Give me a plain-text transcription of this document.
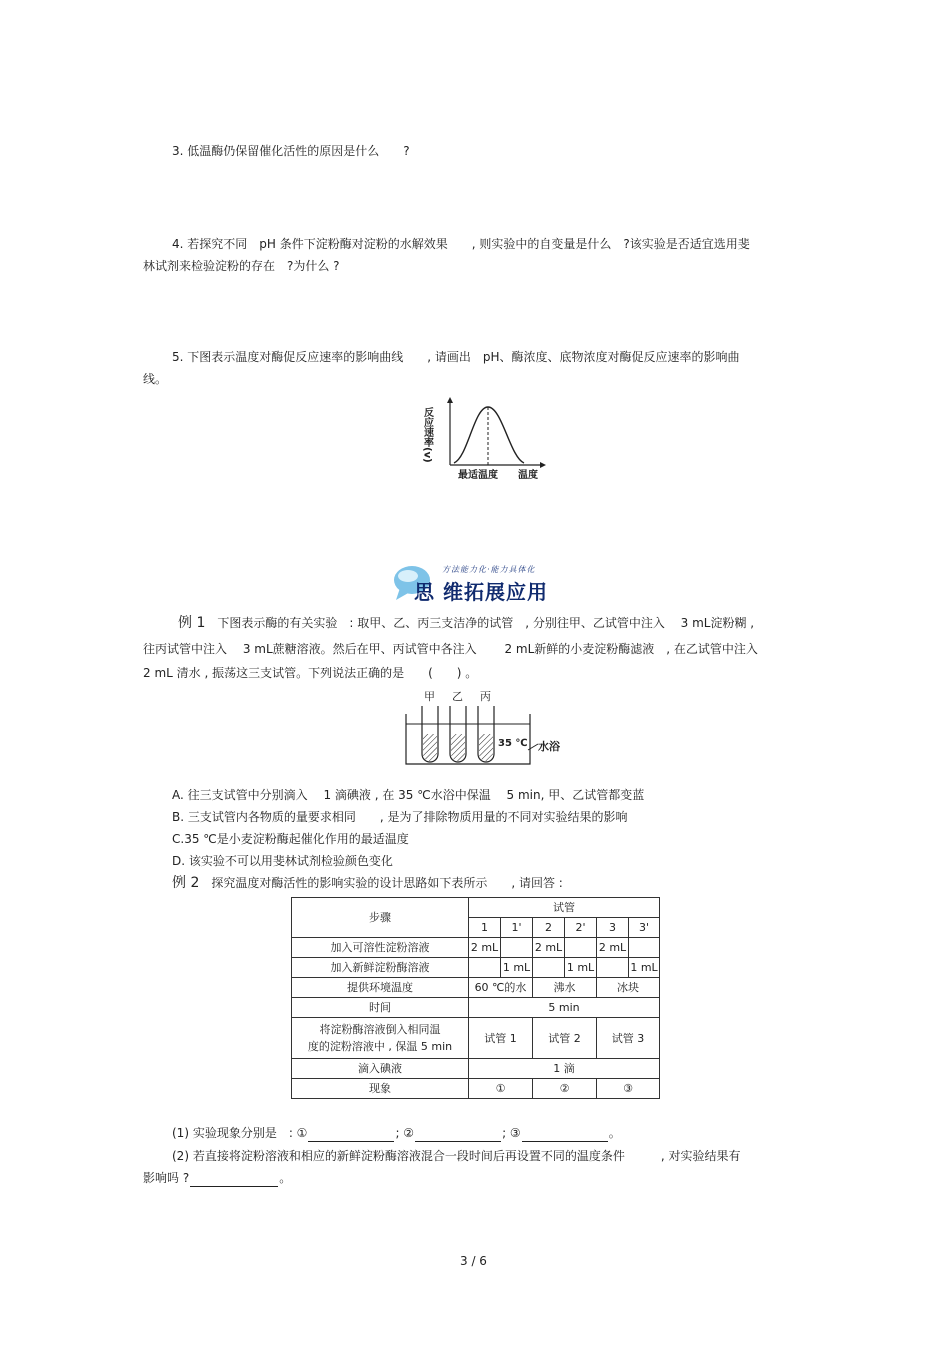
3. 低温酶仍保留催化活性的原因是什么　　?
4. 若探究不同　pH 条件下淀粉酶对淀粉的水解效果　　, 则实验中的自变量是什么　?该实验是否适宜选用斐
林试剂来检验淀粉的存在　?为什么 ?
5. 下图表示温度对酶促反应速率的影响曲线　　, 请画出　pH、酶浓度、底物浓度对酶促反应速率的影响曲
线。
反应速率(v)
最适温度 温度
方法能力化·能力具体化
思 维拓展应用
例 1　下图表示酶的有关实验　: 取甲、乙、丙三支洁净的试管　, 分别往甲、乙试管中注入　 3 mL淀粉糊 ,
往丙试管中注入　 3 mL蔗糖溶液。然后在甲、丙试管中各注入　　 2 mL新鲜的小麦淀粉酶滤液　, 在乙试管中注入
2 mL 清水 , 振荡这三支试管。下列说法正确的是　　(　　) 。
甲 乙 丙
35 ℃ 水浴
A. 往三支试管中分别滴入　 1 滴碘液 , 在 35 ℃水浴中保温　 5 min, 甲、乙试管都变蓝
B. 三支试管内各物质的量要求相同　　, 是为了排除物质用量的不同对实验结果的影响
C.35 ℃是小麦淀粉酶起催化作用的最适温度
D. 该实验不可以用斐林试剂检验颜色变化
例 2　探究温度对酶活性的影响实验的设计思路如下表所示　　, 请回答 :
步骤	试管					
	1	1'	2	2'	3	3'
加入可溶性淀粉溶液	2 mL		2 mL		2 mL	
加入新鲜淀粉酶溶液		1 mL		1 mL		1 mL
提供环境温度	60 ℃的水		沸水		冰块	
时间	5 min					
将淀粉酶溶液倒入相同温
度的淀粉溶液中 , 保温 5 min	试管 1		试管 2		试管 3	
滴入碘液	1 滴					
现象	①		②		③	
(1) 实验现象分别是　: ①	; ②	; ③	。
(2) 若直接将淀粉溶液和相应的新鲜淀粉酶溶液混合一段时间后再设置不同的温度条件　　　, 对实验结果有
影响吗 ?	。
3 / 6
